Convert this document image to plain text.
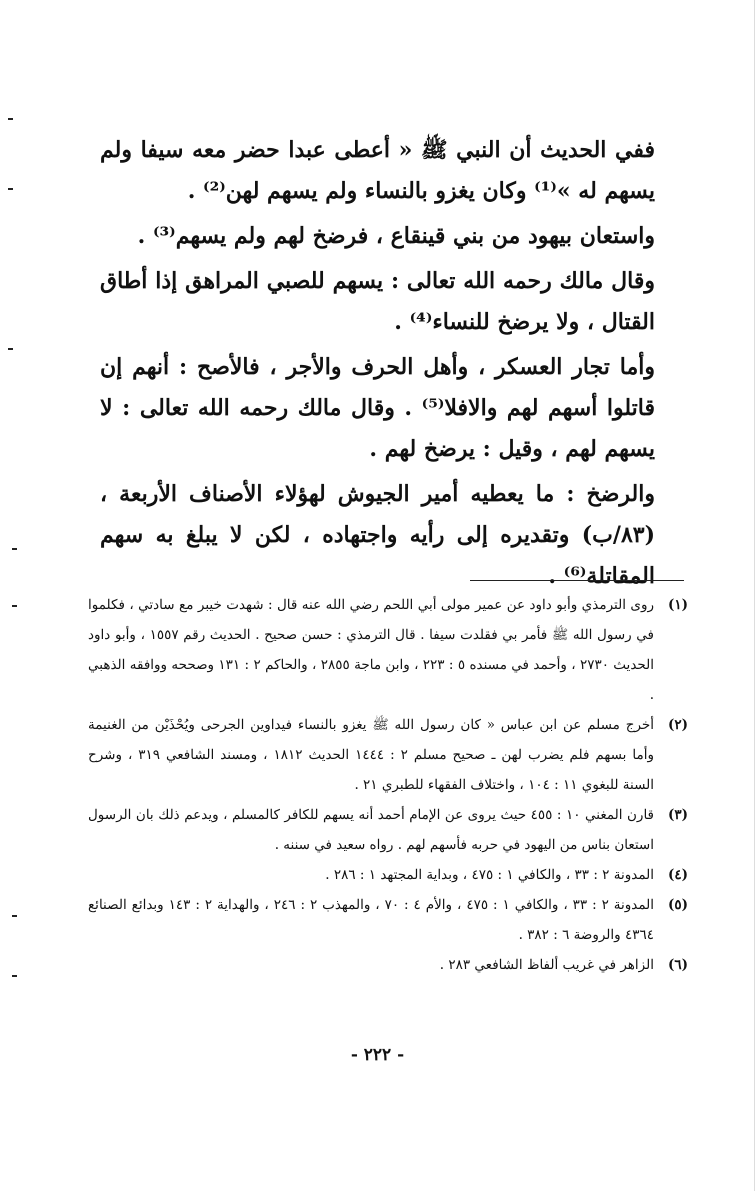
ففي الحديث أن النبي ﷺ « أعطى عبدا حضر معه سيفا ولم يسهم له »⁽¹⁾ وكان يغزو بالنساء ولم يسهم لهن⁽²⁾ .

واستعان بيهود من بني قينقاع ، فرضخ لهم ولم يسهم⁽³⁾ .

وقال مالك رحمه الله تعالى : يسهم للصبي المراهق إذا أطاق القتال ، ولا يرضخ للنساء⁽⁴⁾ .

وأما تجار العسكر ، وأهل الحرف والأجر ، فالأصح : أنهم إن قاتلوا أسهم لهم والافلا⁽⁵⁾ . وقال مالك رحمه الله تعالى : لا يسهم لهم ، وقيل : يرضخ لهم .

والرضخ : ما يعطيه أمير الجيوش لهؤلاء الأصناف الأربعة ، (٨٣/ب) وتقديره إلى رأيه واجتهاده ، لكن لا يبلغ به سهم المقاتلة⁽⁶⁾ .

(١)
روى الترمذي وأبو داود عن عمير مولى أبي اللحم رضي الله عنه قال : شهدت خيبر مع سادتي ، فكلموا في رسول الله ﷺ فأمر بي فقلدت سيفا . قال الترمذي : حسن صحيح . الحديث رقم ١٥٥٧ ، وأبو داود الحديث ٢٧٣٠ ، وأحمد في مسنده ٥ : ٢٢٣ ، وابن ماجة ٢٨٥٥ ، والحاكم ٢ : ١٣١ وصححه ووافقه الذهبي .
(٢)
أخرج مسلم عن ابن عباس « كان رسول الله ﷺ يغزو بالنساء فيداوين الجرحى ويُحْذَيْن من الغنيمة وأما بسهم فلم يضرب لهن ـ صحيح مسلم ٢ : ١٤٤٤ الحديث ١٨١٢ ، ومسند الشافعي ٣١٩ ، وشرح السنة للبغوي ١١ : ١٠٤ ، واختلاف الفقهاء للطبري ٢١ .
(٣)
قارن المغني ١٠ : ٤٥٥ حيث يروى عن الإمام أحمد أنه يسهم للكافر كالمسلم ، ويدعم ذلك بان الرسول استعان بناس من اليهود في حربه فأسهم لهم . رواه سعيد في سننه .
(٤)
المدونة ٢ : ٣٣ ، والكافي ١ : ٤٧٥ ، وبداية المجتهد ١ : ٢٨٦ .
(٥)
المدونة ٢ : ٣٣ ، والكافي ١ : ٤٧٥ ، والأم ٤ : ٧٠ ، والمهذب ٢ : ٢٤٦ ، والهداية ٢ : ١٤٣ وبدائع الصنائع ٤٣٦٤ والروضة ٦ : ٣٨٢ .
(٦)
الزاهر في غريب ألفاظ الشافعي ٢٨٣ .
- ٢٢٢ -
